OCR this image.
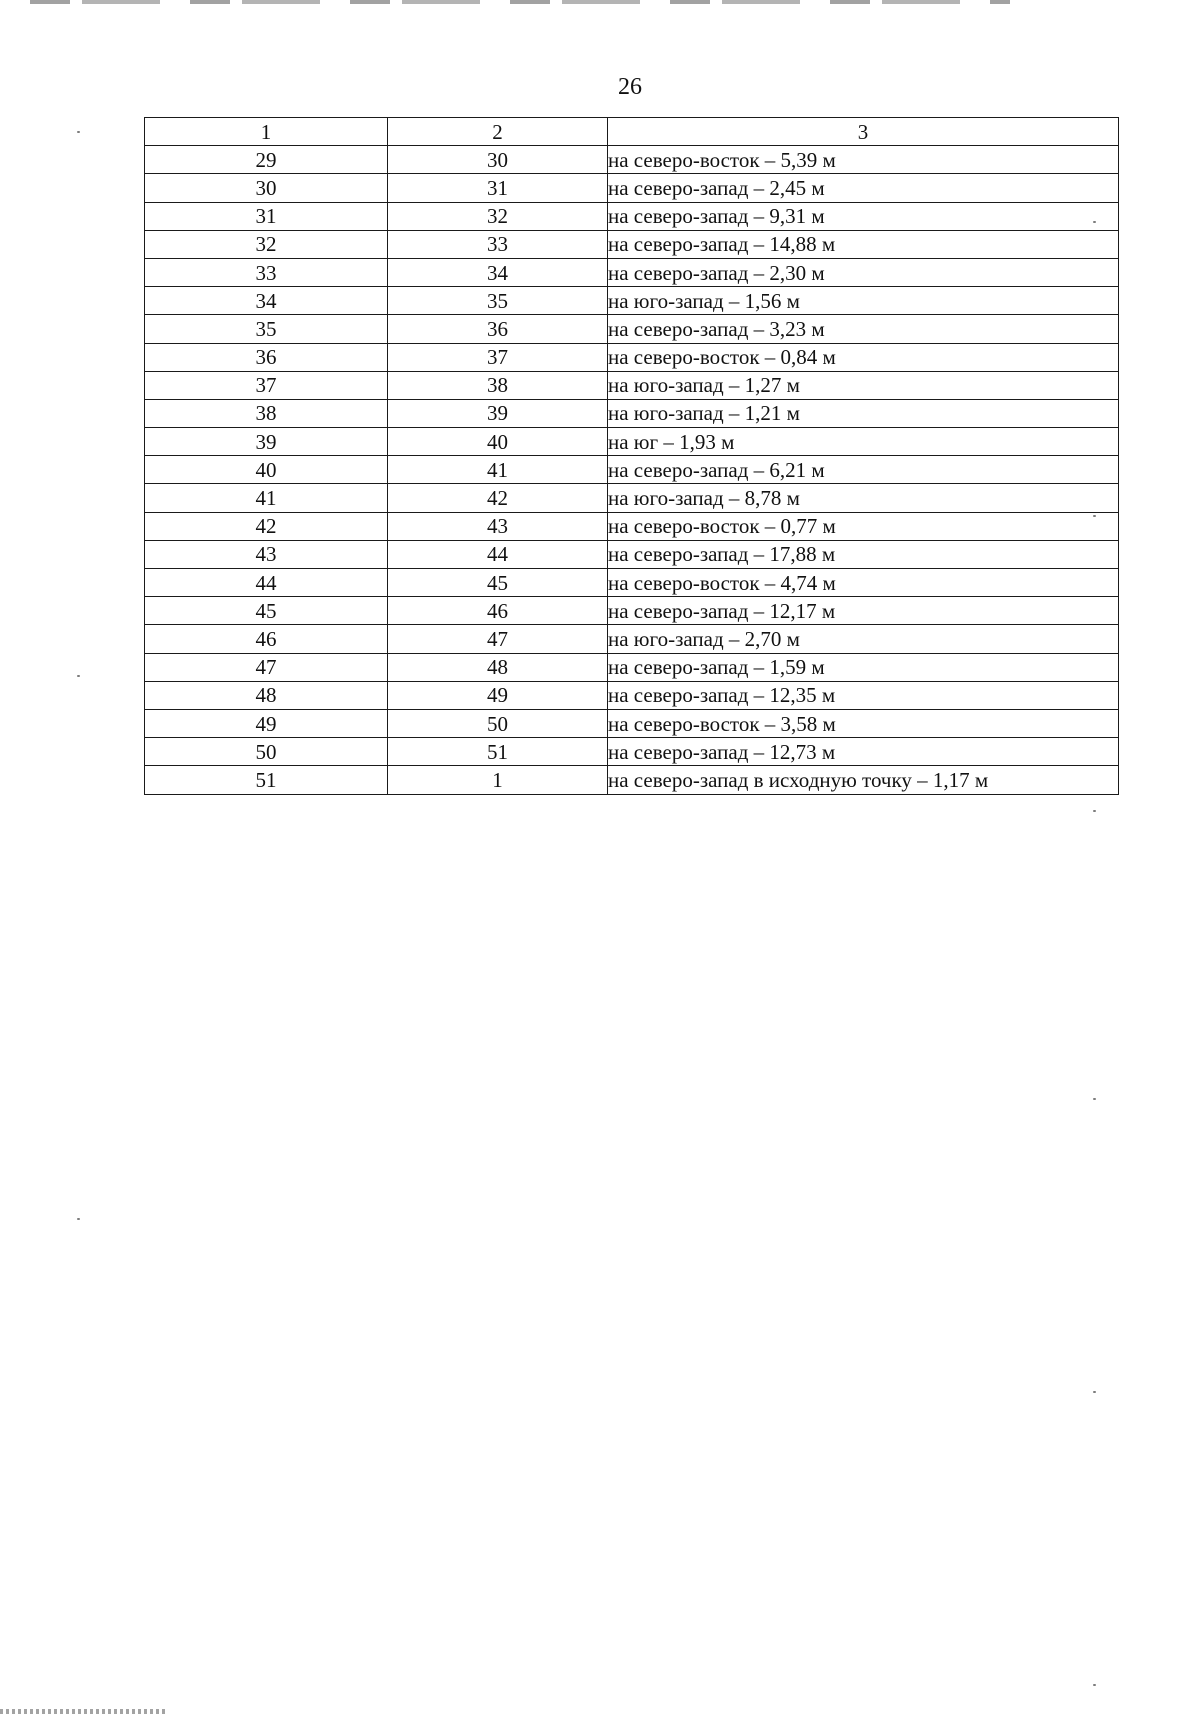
26
1	2	3
29	30	на северо-восток – 5,39 м
30	31	на северо-запад – 2,45 м
31	32	на северо-запад – 9,31 м
32	33	на северо-запад – 14,88 м
33	34	на северо-запад – 2,30 м
34	35	на юго-запад – 1,56 м
35	36	на северо-запад – 3,23 м
36	37	на северо-восток – 0,84 м
37	38	на юго-запад – 1,27 м
38	39	на юго-запад – 1,21 м
39	40	на юг – 1,93 м
40	41	на северо-запад – 6,21 м
41	42	на юго-запад – 8,78 м
42	43	на северо-восток – 0,77 м
43	44	на северо-запад – 17,88 м
44	45	на северо-восток – 4,74 м
45	46	на северо-запад – 12,17 м
46	47	на юго-запад – 2,70 м
47	48	на северо-запад – 1,59 м
48	49	на северо-запад – 12,35 м
49	50	на северо-восток – 3,58 м
50	51	на северо-запад – 12,73 м
51	1	на северо-запад в исходную точку – 1,17 м
